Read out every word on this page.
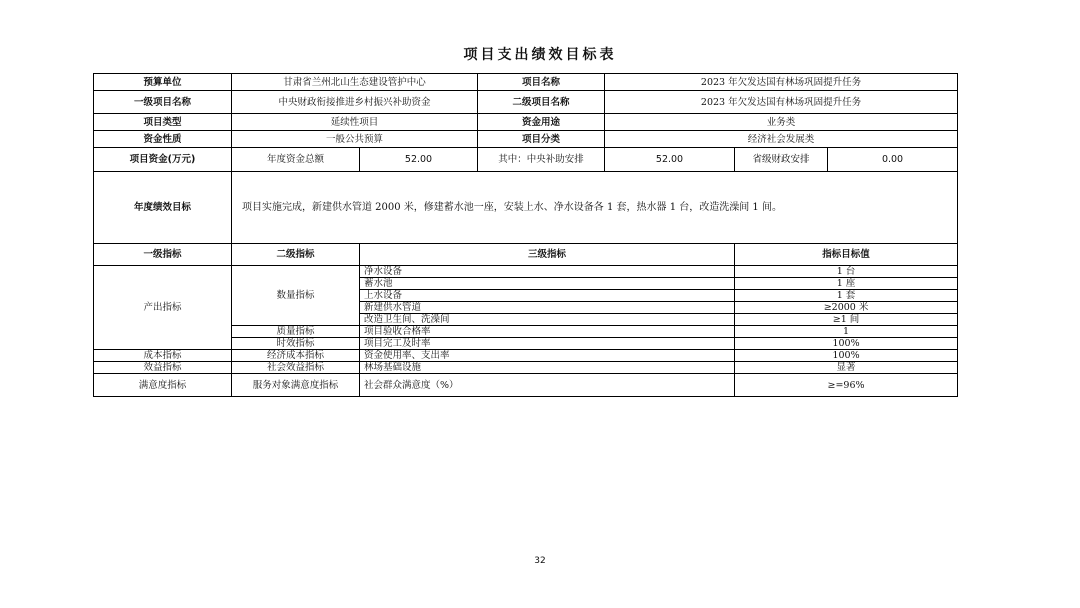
项目支出绩效目标表
预算单位	甘肃省兰州北山生态建设管护中心		项目名称	2023 年欠发达国有林场巩固提升任务		
一级项目名称	中央财政衔接推进乡村振兴补助资金		二级项目名称	2023 年欠发达国有林场巩固提升任务		
项目类型	延续性项目		资金用途	业务类		
资金性质	一般公共预算		项目分类	经济社会发展类		
项目资金(万元)	年度资金总额	52.00	其中：中央补助安排	52.00	省级财政安排	0.00
年度绩效目标	项目实施完成，新建供水管道 2000 米，修建蓄水池一座，安装上水、净水设备各 1 套，热水器 1 台，改造洗澡间 1 间。					
一级指标	二级指标	三级指标			指标目标值	
产出指标	数量指标	净水设备			1 台	
		蓄水池			1 座	
		上水设备			1 套	
		新建供水管道			≥2000 米	
		改造卫生间、洗澡间			≥1 间	
	质量指标	项目验收合格率			1	
	时效指标	项目完工及时率			100%	
成本指标	经济成本指标	资金使用率、支出率			100%	
效益指标	社会效益指标	林场基础设施			显著	
满意度指标	服务对象满意度指标	社会群众满意度（%）			≥=96%	
32
